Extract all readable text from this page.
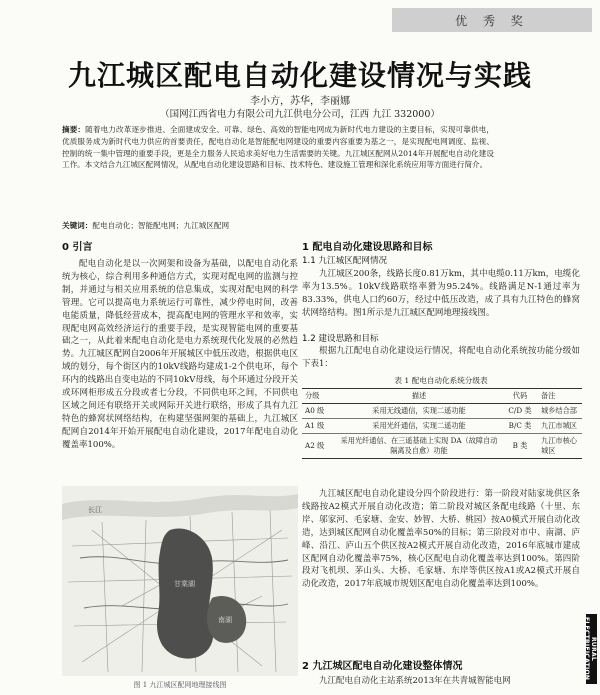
优 秀 奖
九江城区配电自动化建设情况与实践
李小方，苏华，李丽娜
（国网江西省电力有限公司九江供电分公司，江西 九江 332000）
摘要：随着电力改革逐步推进、全面建成安全、可靠、绿色、高效的智能电网成为新时代电力建设的主要目标，实现可靠供电，优质服务成为新时代电力供应的首要责任，配电自动化是智能配电网建设的重要内容重要为基之一，是实现配电网调度、监视、控制的统一集中管理的重要手段，更是全力服务人民追求美好电力生活需要的关键。九江城区配网从2014年开展配电自动化建设工作。本文结合九江城区配网情况，从配电自动化建设思路和目标、技术特色、建设施工管理和深化系统应用等方面进行简介。
关键词：配电自动化；智能配电网；九江城区配网
0 引言
配电自动化是以一次网架和设备为基础，以配电自动化系统为核心，综合利用多种通信方式，实现对配电网的监测与控制，并通过与相关应用系统的信息集成，实现对配电网的科学管理。它可以提高电力系统运行可靠性，减少停电时间，改善电能质量，降低经营成本，提高配电网的管理水平和效率，实现配电网高效经济运行的重要手段，是实现智能电网的重要基础之一，从此着来配电自动化是电力系统现代化发展的必然趋势。九江城区配网自2006年开展城区中低压改造，根据供电区域的划分，每个街区内的10kV线路均建成1-2个供电环，每个环内的线路出自变电站的不同10kV母线，每个环通过分段开关或环网柜形成五分段或者七分段，不同供电环之间，不同供电区域之间还有联络开关或网际开关进行联络，形成了具有九江特色的蜂窝状网络结构，在构建坚强网架的基础上，九江城区配网自2014年开始开展配电自动化建设，2017年配电自动化覆盖率100%。
长江
甘棠湖
南湖
图 1 九江城区配网地理接线图
1 配电自动化建设思路和目标
1.1 九江城区配网情况
九江城区200条，线路长度0.81万km，其中电缆0.11万km，电缆化率为13.5%。10kV线路联络率猾为95.24%。线路满足N-1通过率为83.33%，供电人口约60万，经过中低压改造，成了具有九江特色的蜂窝状网络结构。图1所示是九江城区配网地理接线图。
1.2 建设思路和目标
根据九江配电自动化建设运行情况，将配电自动化系统按功能分级如下表1：
表 1 配电自动化系统分级表
分级	描述	代码	备注
A0 级	采用无线通信，实现二遥功能	C/D 类	城乡结合部
A1 级	采用光纤通信，实现二遥功能	B/C 类	九江市城区
A2 级	采用光纤通信、在三遥基础上实现 DA（故障自动隔离及自愈）功能	B 类	九江市核心城区
九江城区配电自动化建设分四个阶段进行：第一阶段对陆家垅供区条线路按A2模式开展自动化改造；第二阶段对城区条配电线路（十里、东岸、邬家河、毛家塘、金安、妙智、大桥、桃园）按A0模式开展自动化改造，达到城区配网自动化覆盖率50%的目标；第三阶段对市中、南湖、庐峰、沿江、庐山五个供区按A2模式开展自动化改造，2016年底城市建成区配网自动化覆盖率75%，核心区配电自动化覆盖率达到100%。第四阶段对飞机坝、茅山头、大桥、毛家塘、东岸等供区按A1或A2模式开展自动化改造，2017年底城市规划区配电自动化覆盖率达到100%。
2 九江城区配电自动化建设整体情况
九江配电自动化主站系统2013年在共青城智能电网
RURAL ELECTRIFICATION
